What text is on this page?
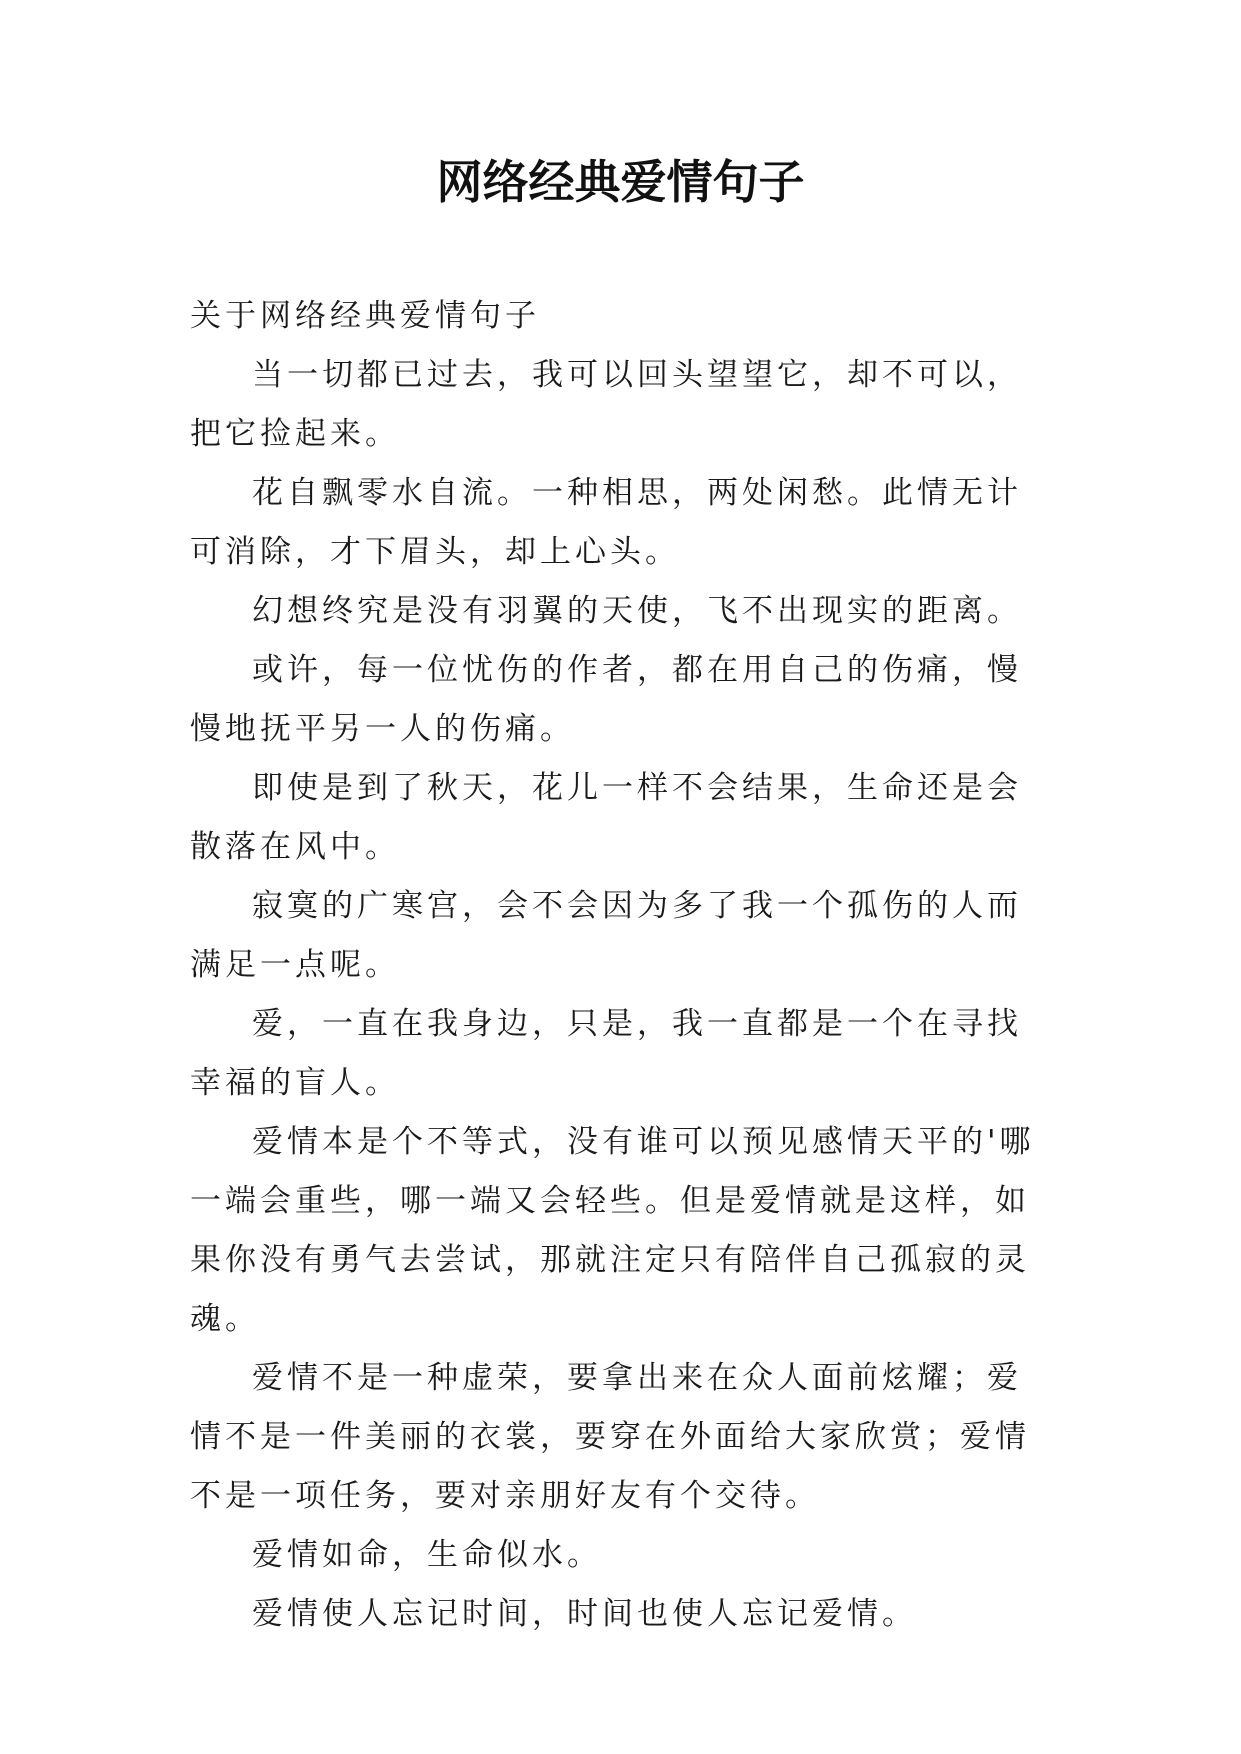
网络经典爱情句子

关于网络经典爱情句子

当一切都已过去，我可以回头望望它，却不可以，把它捡起来。

花自飘零水自流。一种相思，两处闲愁。此情无计可消除，才下眉头，却上心头。

幻想终究是没有羽翼的天使，飞不出现实的距离。

或许，每一位忧伤的作者，都在用自己的伤痛，慢慢地抚平另一人的伤痛。

即使是到了秋天，花儿一样不会结果，生命还是会散落在风中。

寂寞的广寒宫，会不会因为多了我一个孤伤的人而满足一点呢。

爱，一直在我身边，只是，我一直都是一个在寻找幸福的盲人。

爱情本是个不等式，没有谁可以预见感情天平的'哪一端会重些，哪一端又会轻些。但是爱情就是这样，如果你没有勇气去尝试，那就注定只有陪伴自己孤寂的灵魂。

爱情不是一种虚荣，要拿出来在众人面前炫耀；爱情不是一件美丽的衣裳，要穿在外面给大家欣赏；爱情不是一项任务，要对亲朋好友有个交待。

爱情如命，生命似水。

爱情使人忘记时间，时间也使人忘记爱情。
